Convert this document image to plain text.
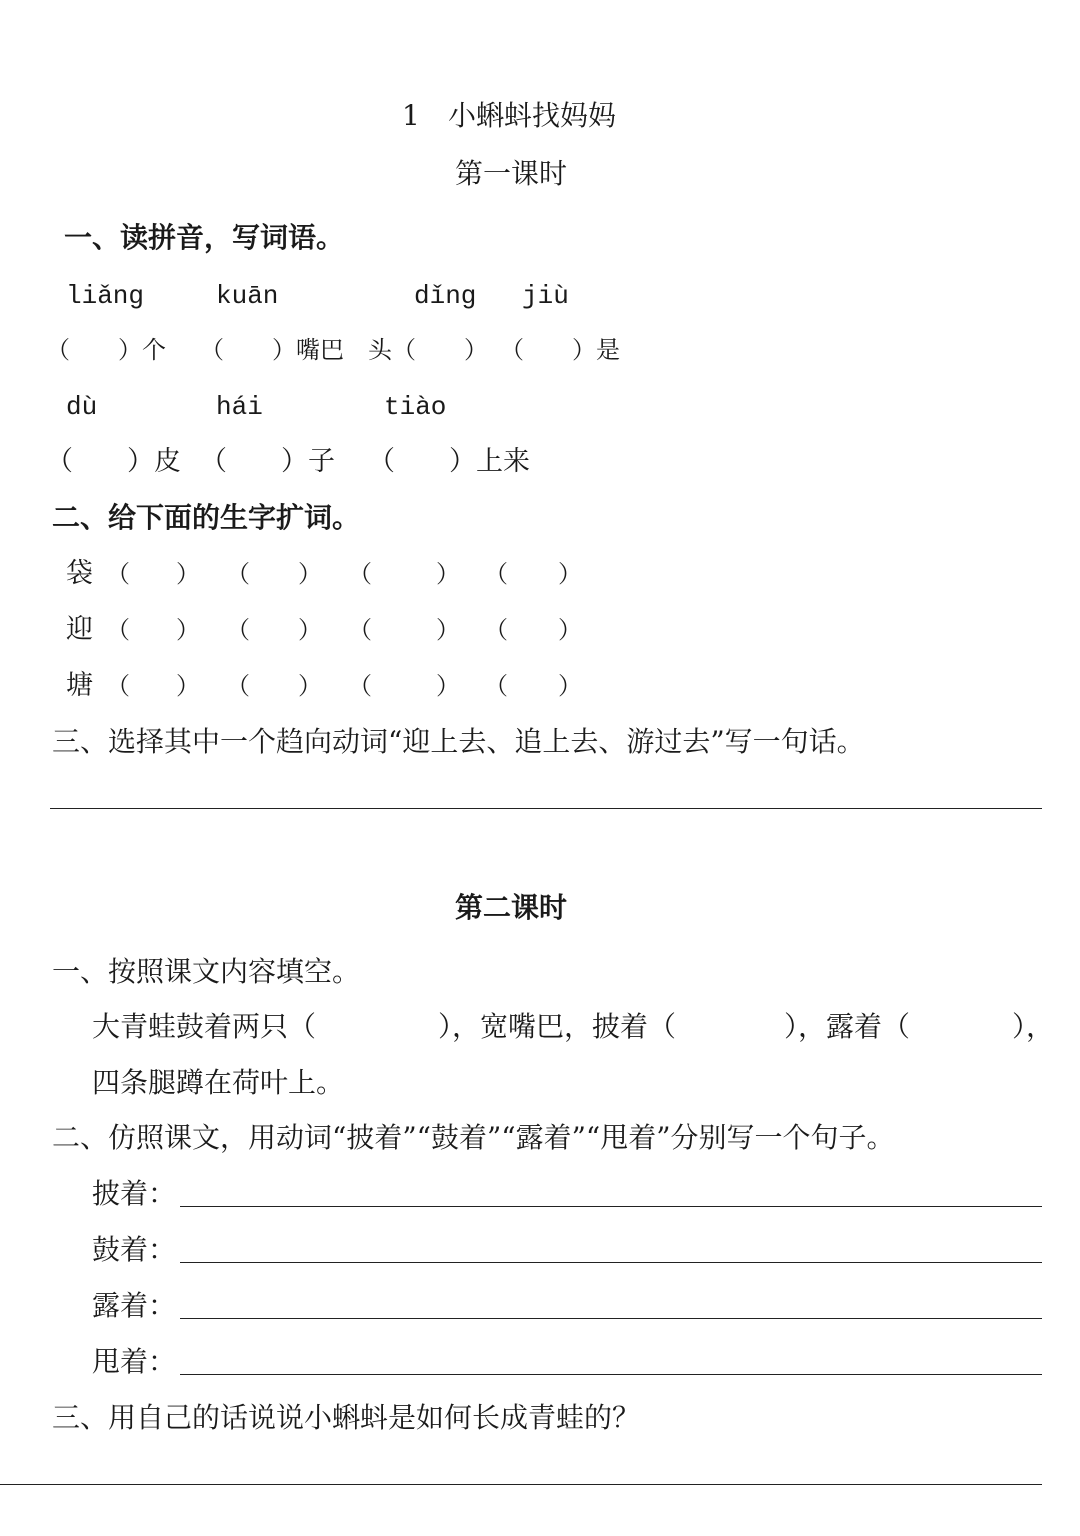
1 小蝌蚪找妈妈
第一课时
一、读拼音，写词语。
liǎng	kuān	dǐng jiù
（　　）个 （　　）嘴巴 头（　　） （　　）是
dù	hái	tiào
（　　）皮 （　　）子 （　　）上来
二、给下面的生字扩词。
袋 （ ） （ ） （	） （ ）
迎 （ ） （ ） （	） （ ）
塘 （ ） （ ） （	） （ ）
三、选择其中一个趋向动词“迎上去、追上去、游过去”写一句话。
第二课时
一、按照课文内容填空。
大青蛙鼓着两只（	），宽嘴巴，披着（	），露着（	），
四条腿蹲在荷叶上。
二、仿照课文，用动词“披着”“鼓着”“露着”“甩着”分别写一个句子。
披着：
鼓着：
露着：
甩着：
三、用自己的话说说小蝌蚪是如何长成青蛙的？
